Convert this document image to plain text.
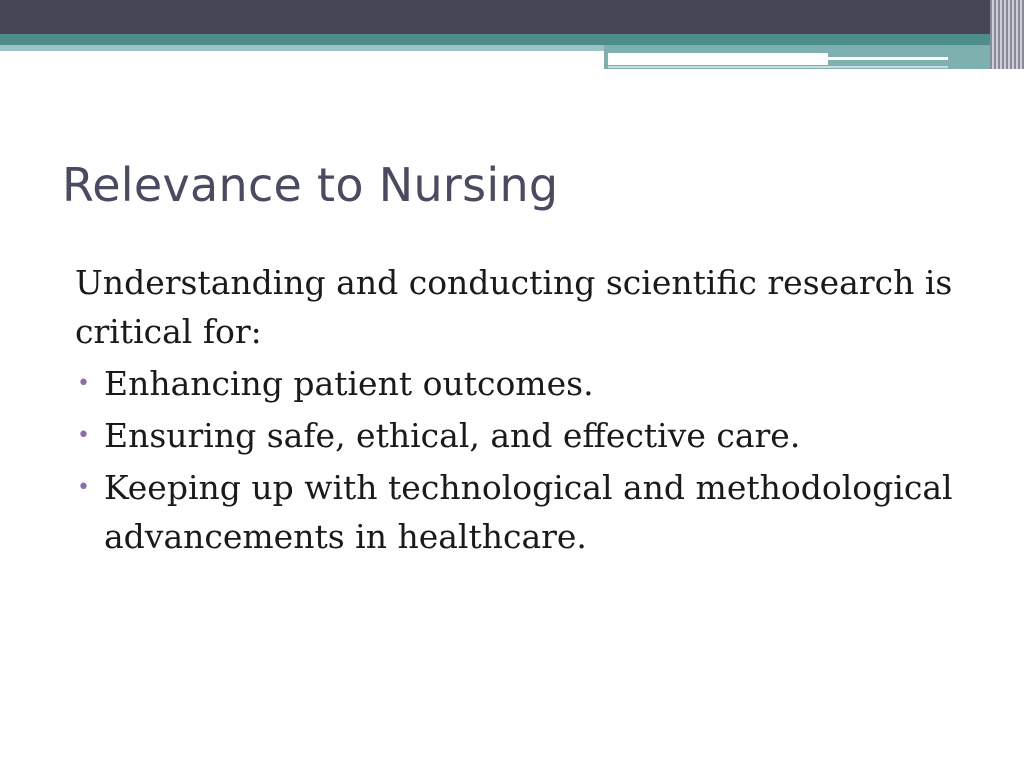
Relevance to Nursing

Understanding and conducting scientific research is critical for:

• Enhancing patient outcomes.
• Ensuring safe, ethical, and effective care.
• Keeping up with technological and methodological advancements in healthcare.
